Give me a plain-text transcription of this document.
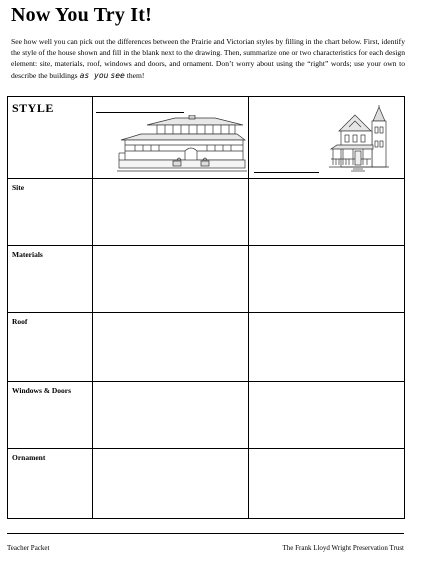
Now You Try It!
See how well you can pick out the differences between the Prairie and Victorian styles by filling in the chart below. First, identify the style of the house shown and fill in the blank next to the drawing. Then, summarize one or two characteristics for each design element: site, materials, roof, windows and doors, and ornament. Don’t worry about using the “right” words; use your own to describe the buildings as you see them!
STYLE

Site		

Materials		

Roof		

Windows & Doors		

Ornament		

Teacher Packet	The Frank Lloyd Wright Preservation Trust
